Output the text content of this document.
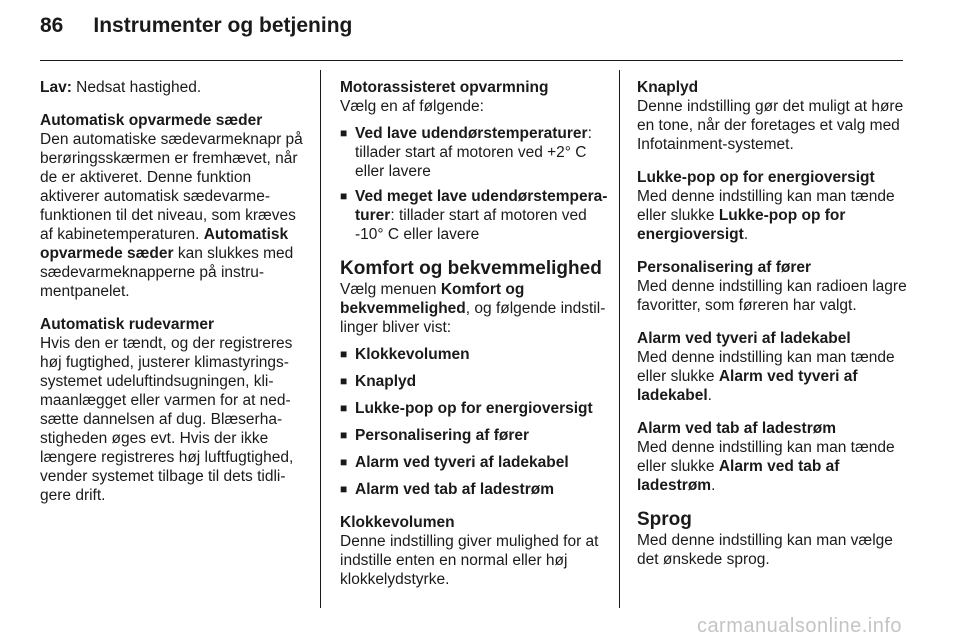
86 Instrumenter og betjening

Lav: Nedsat hastighed.

Automatisk opvarmede sæder
Den automatiske sædevarmeknapr på berøringsskærmen er fremhævet, når de er aktiveret. Denne funktion aktiverer automatisk sædevarme-funktionen til det niveau, som kræves af kabinetemperaturen. Automatisk opvarmede sæder kan slukkes med sædevarmeknapperne på instru-mentpanelet.
Automatisk rudevarmer
Hvis den er tændt, og der registreres høj fugtighed, justerer klimastyrings-systemet udeluftindsugningen, kli-maanlægget eller varmen for at ned-sætte dannelsen af dug. Blæserha-stigheden øges evt. Hvis der ikke længere registreres høj luftfugtighed, vender systemet tilbage til dets tidli-gere drift.
Motorassisteret opvarmning
Vælg en af følgende:
■ Ved lave udendørstemperaturer: tillader start af motoren ved +2° C eller lavere
■ Ved meget lave udendørstempera-turer: tillader start af motoren ved -10° C eller lavere
Komfort og bekvemmelighed
Vælg menuen Komfort og bekvemmelighed, og følgende indstil-linger bliver vist:
■ Klokkevolumen
■ Knaplyd
■ Lukke-pop op for energioversigt
■ Personalisering af fører
■ Alarm ved tyveri af ladekabel
■ Alarm ved tab af ladestrøm
Klokkevolumen
Denne indstilling giver mulighed for at indstille enten en normal eller høj klokkelydstyrke.
Knaplyd
Denne indstilling gør det muligt at høre en tone, når der foretages et valg med Infotainment-systemet.
Lukke-pop op for energioversigt
Med denne indstilling kan man tænde eller slukke Lukke-pop op for energioversigt.
Personalisering af fører
Med denne indstilling kan radioen lagre favoritter, som føreren har valgt.
Alarm ved tyveri af ladekabel
Med denne indstilling kan man tænde eller slukke Alarm ved tyveri af ladekabel.
Alarm ved tab af ladestrøm
Med denne indstilling kan man tænde eller slukke Alarm ved tab af ladestrøm.
Sprog
Med denne indstilling kan man vælge det ønskede sprog.
carmanualsonline.info
